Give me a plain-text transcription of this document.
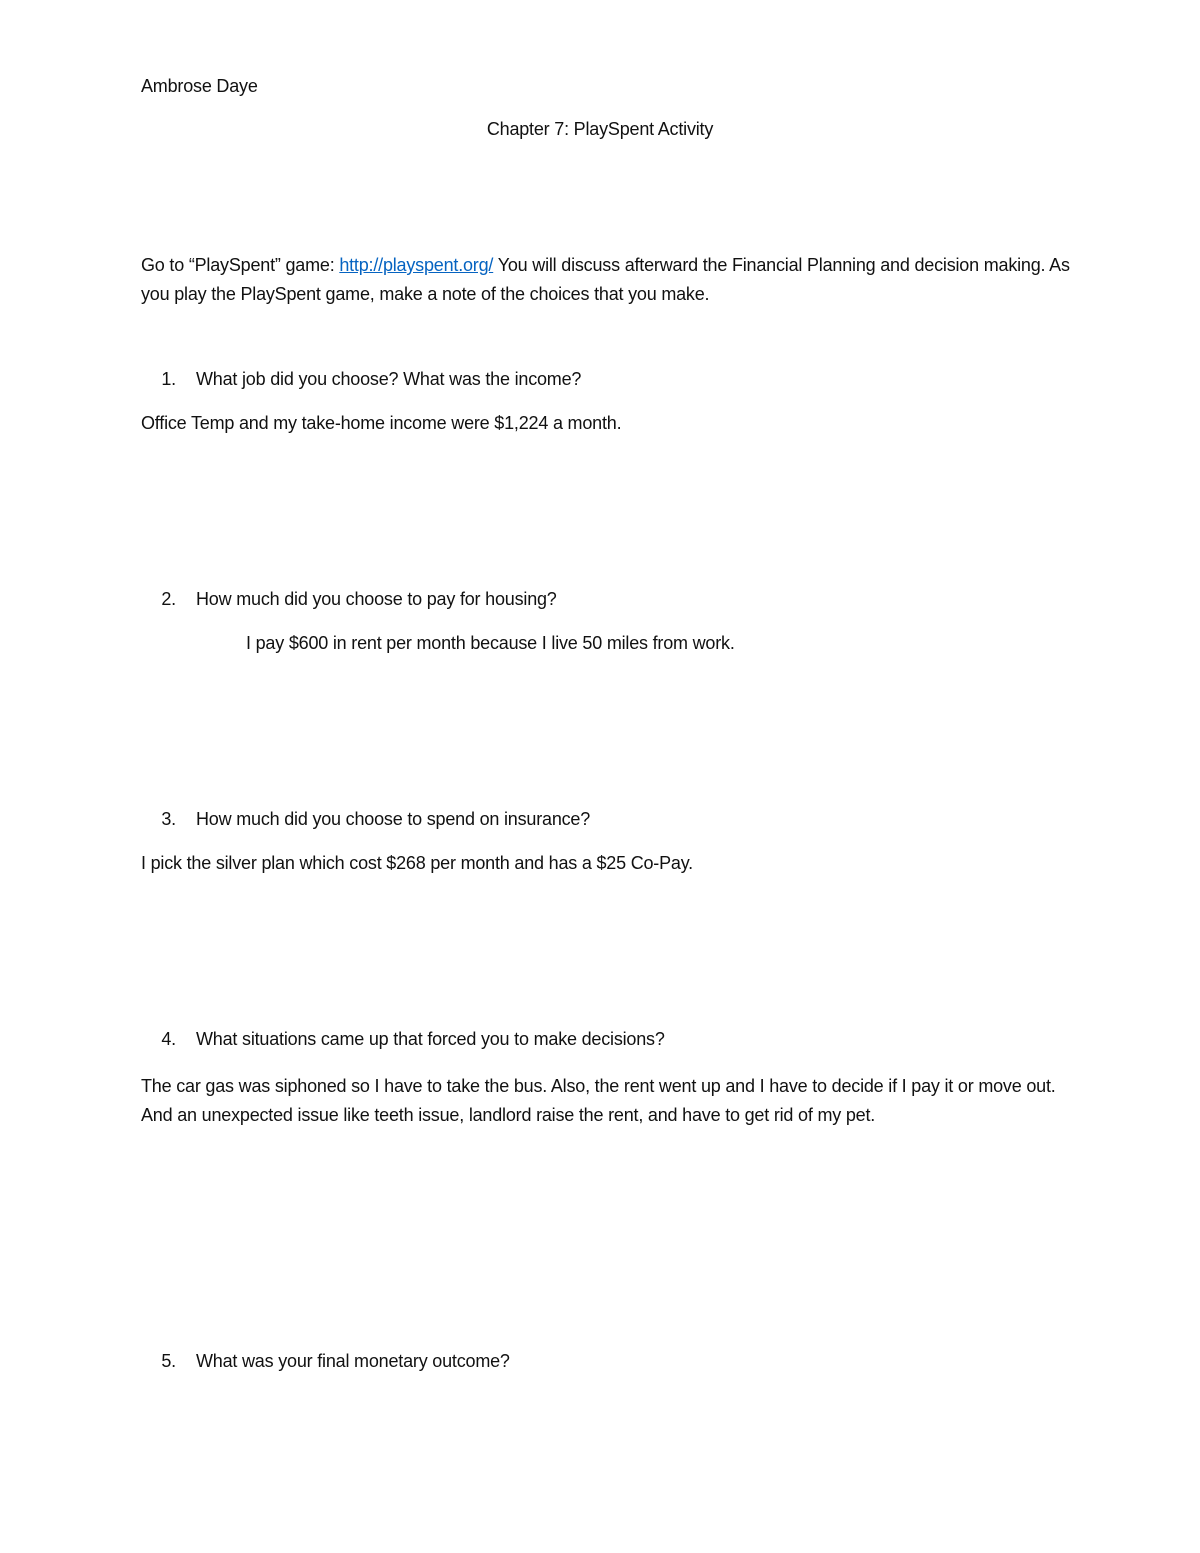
Ambrose Daye
Chapter 7: PlaySpent Activity
Go to “PlaySpent” game: http://playspent.org/ You will discuss afterward the Financial Planning and decision making. As you play the PlaySpent game, make a note of the choices that you make.
1. What job did you choose? What was the income?
Office Temp and my take-home income were $1,224 a month.
2. How much did you choose to pay for housing?
I pay $600 in rent per month because I live 50 miles from work.
3. How much did you choose to spend on insurance?
I pick the silver plan which cost $268 per month and has a $25 Co-Pay.
4. What situations came up that forced you to make decisions?
The car gas was siphoned so I have to take the bus. Also, the rent went up and I have to decide if I pay it or move out. And an unexpected issue like teeth issue, landlord raise the rent, and have to get rid of my pet.
5. What was your final monetary outcome?
